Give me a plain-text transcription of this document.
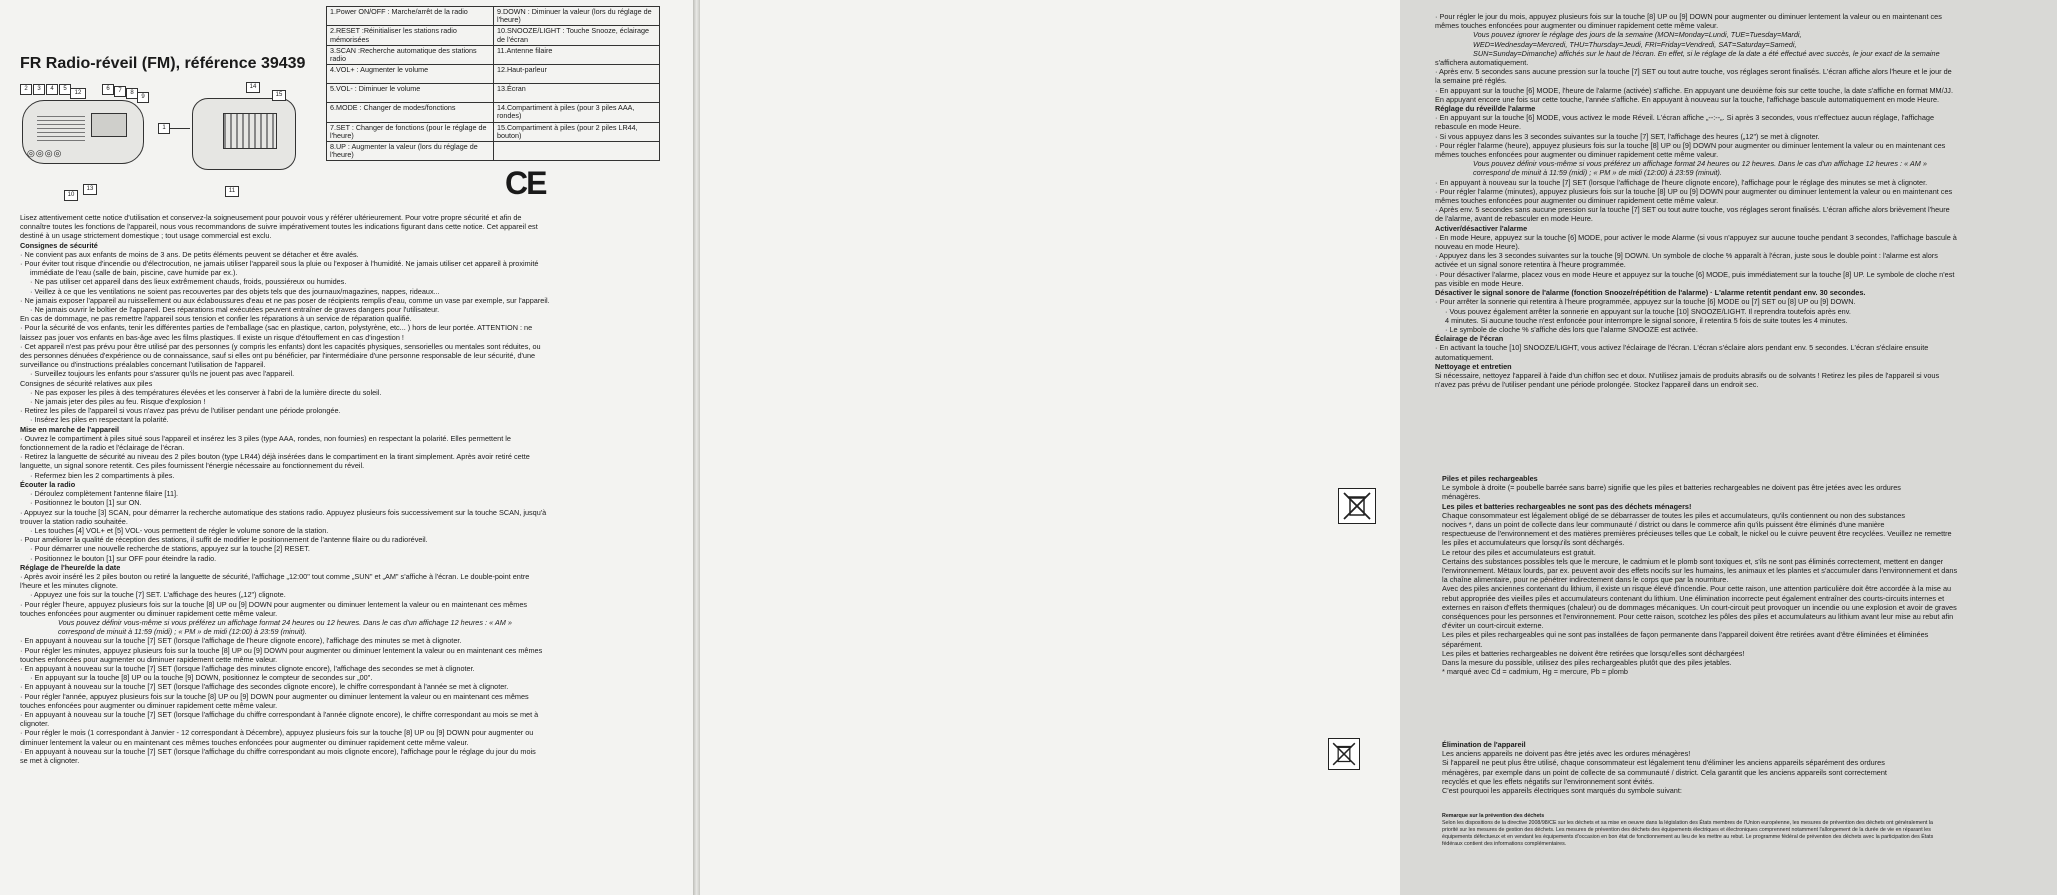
FR Radio-réveil (FM), référence 39439
1.Power ON/OFF : Marche/arrêt de la radio	9.DOWN : Diminuer la valeur (lors du réglage de l'heure)
2.RESET :Réinitialiser les stations radio mémorisées	10.SNOOZE/LIGHT : Touche Snooze, éclairage de l'écran
3.SCAN :Recherche automatique des stations radio	11.Antenne filaire
4.VOL+ : Augmenter le volume	12.Haut-parleur
5.VOL- : Diminuer le volume	13.Écran
6.MODE : Changer de modes/fonctions	14.Compartiment à piles (pour 3 piles AAA, rondes)
7.SET : Changer de fonctions (pour le réglage de l'heure)	15.Compartiment à piles (pour 2 piles LR44, bouton)
8.UP : Augmenter la valeur (lors du réglage de l'heure)	
CE
◎◎◎◎
2	3	4	5
12
6	7	8
9
1
10
13
14
15
11

Lisez attentivement cette notice d'utilisation et conservez-la soigneusement pour pouvoir vous y référer ultérieurement. Pour votre propre sécurité et afin de

connaître toutes les fonctions de l'appareil, nous vous recommandons de suivre impérativement toutes les indications figurant dans cette notice. Cet appareil est

destiné à un usage strictement domestique ; tout usage commercial est exclu.

Consignes de sécurité

· Ne convient pas aux enfants de moins de 3 ans. De petits éléments peuvent se détacher et être avalés.

· Pour éviter tout risque d'incendie ou d'électrocution, ne jamais utiliser l'appareil sous la pluie ou l'exposer à l'humidité. Ne jamais utiliser cet appareil à proximité

immédiate de l'eau (salle de bain, piscine, cave humide par ex.).

· Ne pas utiliser cet appareil dans des lieux extrêmement chauds, froids, poussiéreux ou humides.

· Veillez à ce que les ventilations ne soient pas recouvertes par des objets tels que des journaux/magazines, nappes, rideaux...

· Ne jamais exposer l'appareil au ruissellement ou aux éclaboussures d'eau et ne pas poser de récipients remplis d'eau, comme un vase par exemple, sur l'appareil.

· Ne jamais ouvrir le boîtier de l'appareil. Des réparations mal exécutées peuvent entraîner de graves dangers pour l'utilisateur.

En cas de dommage, ne pas remettre l'appareil sous tension et confier les réparations à un service de réparation qualifié.

· Pour la sécurité de vos enfants, tenir les différentes parties de l'emballage (sac en plastique, carton, polystyrène, etc... ) hors de leur portée. ATTENTION : ne

laissez pas jouer vos enfants en bas-âge avec les films plastiques. Il existe un risque d'étouffement en cas d'ingestion !

· Cet appareil n'est pas prévu pour être utilisé par des personnes (y compris les enfants) dont les capacités physiques, sensorielles ou mentales sont réduites, ou

des personnes dénuées d'expérience ou de connaissance, sauf si elles ont pu bénéficier, par l'intermédiaire d'une personne responsable de leur sécurité, d'une

surveillance ou d'instructions préalables concernant l'utilisation de l'appareil.

· Surveillez toujours les enfants pour s'assurer qu'ils ne jouent pas avec l'appareil.

Consignes de sécurité relatives aux piles

· Ne pas exposer les piles à des températures élevées et les conserver à l'abri de la lumière directe du soleil.

· Ne jamais jeter des piles au feu. Risque d'explosion !

· Retirez les piles de l'appareil si vous n'avez pas prévu de l'utiliser pendant une période prolongée.

· Insérez les piles en respectant la polarité.

Mise en marche de l'appareil

· Ouvrez le compartiment à piles situé sous l'appareil et insérez les 3 piles (type AAA, rondes, non fournies) en respectant la polarité. Elles permettent le

fonctionnement de la radio et l'éclairage de l'écran.

· Retirez la languette de sécurité au niveau des 2 piles bouton (type LR44) déjà insérées dans le compartiment en la tirant simplement. Après avoir retiré cette

languette, un signal sonore retentit. Ces piles fournissent l'énergie nécessaire au fonctionnement du réveil.

· Refermez bien les 2 compartiments à piles.

Écouter la radio

· Déroulez complètement l'antenne filaire [11].

· Positionnez le bouton [1] sur ON.

· Appuyez sur la touche [3] SCAN, pour démarrer la recherche automatique des stations radio. Appuyez plusieurs fois successivement sur la touche SCAN, jusqu'à

trouver la station radio souhaitée.

· Les touches [4] VOL+ et [5] VOL- vous permettent de régler le volume sonore de la station.

· Pour améliorer la qualité de réception des stations, il suffit de modifier le positionnement de l'antenne filaire ou du radioréveil.

· Pour démarrer une nouvelle recherche de stations, appuyez sur la touche [2] RESET.

· Positionnez le bouton [1] sur OFF pour éteindre la radio.

Réglage de l'heure/de la date

· Après avoir inséré les 2 piles bouton ou retiré la languette de sécurité, l'affichage „12:00" tout comme „SUN" et „AM" s'affiche à l'écran. Le double-point entre

l'heure et les minutes clignote.

· Appuyez une fois sur la touche [7] SET. L'affichage des heures („12") clignote.

· Pour régler l'heure, appuyez plusieurs fois sur la touche [8] UP ou [9] DOWN pour augmenter ou diminuer lentement la valeur ou en maintenant ces mêmes

touches enfoncées pour augmenter ou diminuer rapidement cette même valeur.

Vous pouvez définir vous-même si vous préférez un affichage format 24 heures ou 12 heures. Dans le cas d'un affichage 12 heures : « AM »

correspond de minuit à 11:59 (midi) ; « PM » de midi (12:00) à 23:59 (minuit).

· En appuyant à nouveau sur la touche [7] SET (lorsque l'affichage de l'heure clignote encore), l'affichage des minutes se met à clignoter.

· Pour régler les minutes, appuyez plusieurs fois sur la touche [8] UP ou [9] DOWN pour augmenter ou diminuer lentement la valeur ou en maintenant ces mêmes

touches enfoncées pour augmenter ou diminuer rapidement cette même valeur.

· En appuyant à nouveau sur la touche [7] SET (lorsque l'affichage des minutes clignote encore), l'affichage des secondes se met à clignoter.

· En appuyant sur la touche [8] UP ou la touche [9] DOWN, positionnez le compteur de secondes sur „00".

· En appuyant à nouveau sur la touche [7] SET (lorsque l'affichage des secondes clignote encore), le chiffre correspondant à l'année se met à clignoter.

· Pour régler l'année, appuyez plusieurs fois sur la touche [8] UP ou [9] DOWN pour augmenter ou diminuer lentement la valeur ou en maintenant ces mêmes

touches enfoncées pour augmenter ou diminuer rapidement cette même valeur.

· En appuyant à nouveau sur la touche [7] SET (lorsque l'affichage du chiffre correspondant à l'année clignote encore), le chiffre correspondant au mois se met à

clignoter.

· Pour régler le mois (1 correspondant à Janvier - 12 correspondant à Décembre), appuyez plusieurs fois sur la touche [8] UP ou [9] DOWN pour augmenter ou

diminuer lentement la valeur ou en maintenant ces mêmes touches enfoncées pour augmenter ou diminuer rapidement cette même valeur.

· En appuyant à nouveau sur la touche [7] SET (lorsque l'affichage du chiffre correspondant au mois clignote encore), l'affichage pour le réglage du jour du mois

se met à clignoter.

· Pour régler le jour du mois, appuyez plusieurs fois sur la touche [8] UP ou [9] DOWN pour augmenter ou diminuer lentement la valeur ou en maintenant ces

mêmes touches enfoncées pour augmenter ou diminuer rapidement cette même valeur.

Vous pouvez ignorer le réglage des jours de la semaine (MON=Monday=Lundi, TUE=Tuesday=Mardi,

WED=Wednesday=Mercredi, THU=Thursday=Jeudi, FRI=Friday=Vendredi, SAT=Saturday=Samedi,

SUN=Sunday=Dimanche) affichés sur le haut de l'écran. En effet, si le réglage de la date a été effectué avec succès, le jour exact de la semaine

s'affichera automatiquement.

· Après env. 5 secondes sans aucune pression sur la touche [7] SET ou tout autre touche, vos réglages seront finalisés. L'écran affiche alors l'heure et le jour de

la semaine pré réglés.

· En appuyant sur la touche [6] MODE, l'heure de l'alarme (activée) s'affiche. En appuyant une deuxième fois sur cette touche, la date s'affiche en format MM/JJ.

En appuyant encore une fois sur cette touche, l'année s'affiche. En appuyant à nouveau sur la touche, l'affichage bascule automatiquement en mode Heure.

Réglage du réveil/de l'alarme

· En appuyant sur la touche [6] MODE, vous activez le mode Réveil. L'écran affiche „--:--„. Si après 3 secondes, vous n'effectuez aucun réglage, l'affichage

rebascule en mode Heure.

· Si vous appuyez dans les 3 secondes suivantes sur la touche [7] SET, l'affichage des heures („12") se met à clignoter.

· Pour régler l'alarme (heure), appuyez plusieurs fois sur la touche [8] UP ou [9] DOWN pour augmenter ou diminuer lentement la valeur ou en maintenant ces

mêmes touches enfoncées pour augmenter ou diminuer rapidement cette même valeur.

Vous pouvez définir vous-même si vous préférez un affichage format 24 heures ou 12 heures. Dans le cas d'un affichage 12 heures : « AM »

correspond de minuit à 11:59 (midi) ; « PM » de midi (12:00) à 23:59 (minuit).

· En appuyant à nouveau sur la touche [7] SET (lorsque l'affichage de l'heure clignote encore), l'affichage pour le réglage des minutes se met à clignoter.

· Pour régler l'alarme (minutes), appuyez plusieurs fois sur la touche [8] UP ou [9] DOWN pour augmenter ou diminuer lentement la valeur ou en maintenant ces

mêmes touches enfoncées pour augmenter ou diminuer rapidement cette même valeur.

· Après env. 5 secondes sans aucune pression sur la touche [7] SET ou tout autre touche, vos réglages seront finalisés. L'écran affiche alors brièvement l'heure

de l'alarme, avant de rebasculer en mode Heure.

Activer/désactiver l'alarme

· En mode Heure, appuyez sur la touche [6] MODE, pour activer le mode Alarme (si vous n'appuyez sur aucune touche pendant 3 secondes, l'affichage bascule à

nouveau en mode Heure).

· Appuyez dans les 3 secondes suivantes sur la touche [9] DOWN. Un symbole de cloche % apparaît à l'écran, juste sous le double point : l'alarme est alors

activée et un signal sonore retentira à l'heure programmée.

· Pour désactiver l'alarme, placez vous en mode Heure et appuyez sur la touche [6] MODE, puis immédiatement sur la touche [8] UP. Le symbole de cloche n'est

pas visible en mode Heure.

Désactiver le signal sonore de l'alarme (fonction Snooze/répétition de l'alarme) · L'alarme retentit pendant env. 30 secondes.

· Pour arrêter la sonnerie qui retentira à l'heure programmée, appuyez sur la touche [6] MODE ou [7] SET ou [8] UP ou [9] DOWN.

· Vous pouvez également arrêter la sonnerie en appuyant sur la touche [10] SNOOZE/LIGHT. Il reprendra toutefois après env.

4 minutes. Si aucune touche n'est enfoncée pour interrompre le signal sonore, il retentira 5 fois de suite toutes les 4 minutes.

· Le symbole de cloche % s'affiche dès lors que l'alarme SNOOZE est activée.

Éclairage de l'écran

· En activant la touche [10] SNOOZE/LIGHT, vous activez l'éclairage de l'écran. L'écran s'éclaire alors pendant env. 5 secondes. L'écran s'éclaire ensuite

automatiquement.

Nettoyage et entretien

Si nécessaire, nettoyez l'appareil à l'aide d'un chiffon sec et doux. N'utilisez jamais de produits abrasifs ou de solvants ! Retirez les piles de l'appareil si vous

n'avez pas prévu de l'utiliser pendant une période prolongée. Stockez l'appareil dans un endroit sec.

Piles et piles rechargeables

Le symbole à droite (= poubelle barrée sans barre) signifie que les piles et batteries rechargeables ne doivent pas être jetées avec les ordures

ménagères.

Les piles et batteries rechargeables ne sont pas des déchets ménagers!

Chaque consommateur est légalement obligé de se débarrasser de toutes les piles et accumulateurs, qu'ils contiennent ou non des substances

nocives *, dans un point de collecte dans leur communauté / district ou dans le commerce afin qu'ils puissent être éliminés d'une manière

respectueuse de l'environnement et des matières premières précieuses telles que Le cobalt, le nickel ou le cuivre peuvent être recyclées. Veuillez ne remettre

les piles et accumulateurs que lorsqu'ils sont déchargés.

Le retour des piles et accumulateurs est gratuit.

Certains des substances possibles tels que le mercure, le cadmium et le plomb sont toxiques et, s'ils ne sont pas éliminés correctement, mettent en danger

l'environnement. Métaux lourds, par ex. peuvent avoir des effets nocifs sur les humains, les animaux et les plantes et s'accumuler dans l'environnement et dans

la chaîne alimentaire, pour ne pénétrer indirectement dans le corps que par la nourriture.

Avec des piles anciennes contenant du lithium, il existe un risque élevé d'incendie. Pour cette raison, une attention particulière doit être accordée à la mise au

rebut appropriée des vieilles piles et accumulateurs contenant du lithium. Une élimination incorrecte peut également entraîner des courts-circuits internes et

externes en raison d'effets thermiques (chaleur) ou de dommages mécaniques. Un court-circuit peut provoquer un incendie ou une explosion et avoir de graves

conséquences pour les personnes et l'environnement. Pour cette raison, scotchez les pôles des piles et accumulateurs au lithium avant leur mise au rebut afin

d'éviter un court-circuit externe.

Les piles et piles rechargeables qui ne sont pas installées de façon permanente dans l'appareil doivent être retirées avant d'être éliminées et éliminées

séparément.

Les piles et batteries rechargeables ne doivent être retirées que lorsqu'elles sont déchargées!

Dans la mesure du possible, utilisez des piles rechargeables plutôt que des piles jetables.

* marqué avec Cd = cadmium, Hg = mercure, Pb = plomb

Élimination de l'appareil

Les anciens appareils ne doivent pas être jetés avec les ordures ménagères!

Si l'appareil ne peut plus être utilisé, chaque consommateur est légalement tenu d'éliminer les anciens appareils séparément des ordures

ménagères, par exemple dans un point de collecte de sa communauté / district. Cela garantit que les anciens appareils sont correctement

recyclés et que les effets négatifs sur l'environnement sont évités.

C'est pourquoi les appareils électriques sont marqués du symbole suivant:

Remarque sur la prévention des déchets

Selon les dispositions de la directive 2008/98/CE sur les déchets et sa mise en oeuvre dans la législation des États membres de l'Union européenne, les mesures de prévention des déchets ont généralement la

priorité sur les mesures de gestion des déchets. Les mesures de prévention des déchets des équipements électriques et électroniques comprennent notamment l'allongement de la durée de vie en réparant les

équipements défectueux et en vendant les équipements d'occasion en bon état de fonctionnement au lieu de les mettre au rebut. Le programme fédéral de prévention des déchets avec la participation des États

fédéraux contient des informations complémentaires.
